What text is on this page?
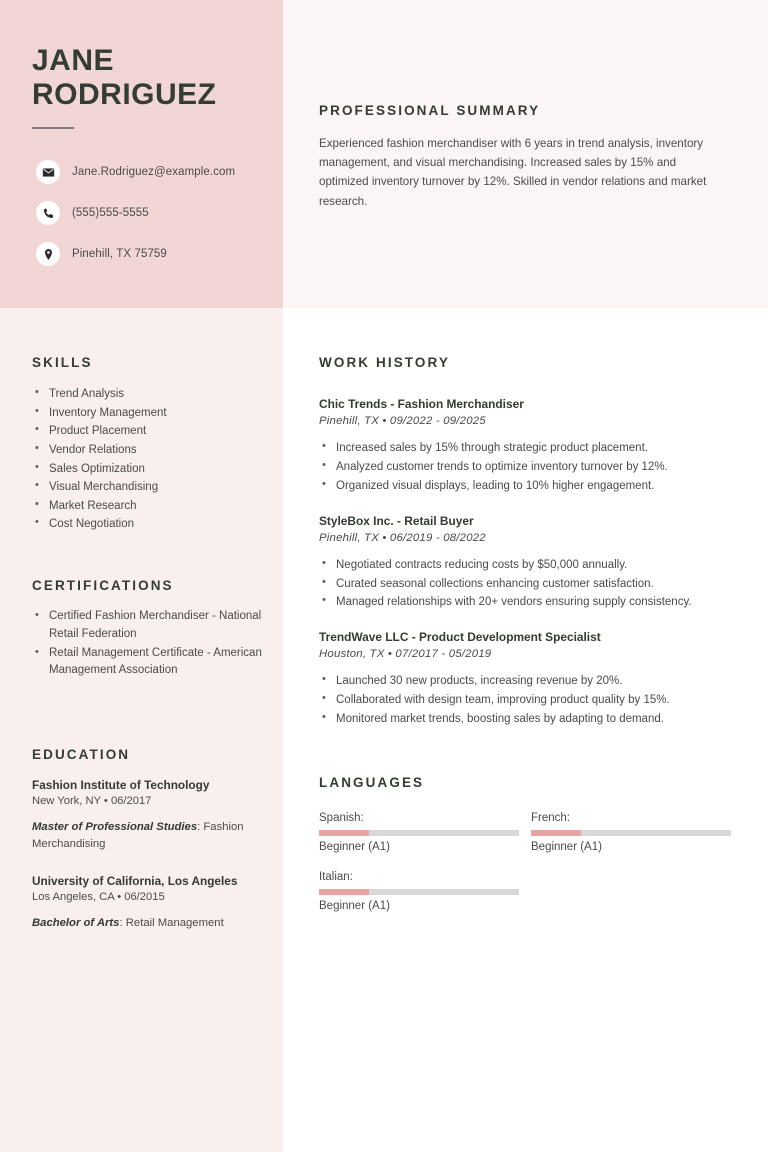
JANE
RODRIGUEZ
Jane.Rodriguez@example.com
(555)555-5555
Pinehill, TX 75759
SKILLS
• Trend Analysis
• Inventory Management
• Product Placement
• Vendor Relations
• Sales Optimization
• Visual Merchandising
• Market Research
• Cost Negotiation
CERTIFICATIONS
• Certified Fashion Merchandiser - National Retail Federation
• Retail Management Certificate - American Management Association
EDUCATION
Fashion Institute of Technology
New York, NY • 06/2017
Master of Professional Studies: Fashion Merchandising
University of California, Los Angeles
Los Angeles, CA • 06/2015
Bachelor of Arts: Retail Management
PROFESSIONAL SUMMARY
Experienced fashion merchandiser with 6 years in trend analysis, inventory management, and visual merchandising. Increased sales by 15% and optimized inventory turnover by 12%. Skilled in vendor relations and market research.
WORK HISTORY
Chic Trends - Fashion Merchandiser
Pinehill, TX • 09/2022 - 09/2025
• Increased sales by 15% through strategic product placement.
• Analyzed customer trends to optimize inventory turnover by 12%.
• Organized visual displays, leading to 10% higher engagement.
StyleBox Inc. - Retail Buyer
Pinehill, TX • 06/2019 - 08/2022
• Negotiated contracts reducing costs by $50,000 annually.
• Curated seasonal collections enhancing customer satisfaction.
• Managed relationships with 20+ vendors ensuring supply consistency.
TrendWave LLC - Product Development Specialist
Houston, TX • 07/2017 - 05/2019
• Launched 30 new products, increasing revenue by 20%.
• Collaborated with design team, improving product quality by 15%.
• Monitored market trends, boosting sales by adapting to demand.
LANGUAGES
Spanish:
Beginner (A1)
French:
Beginner (A1)
Italian:
Beginner (A1)
